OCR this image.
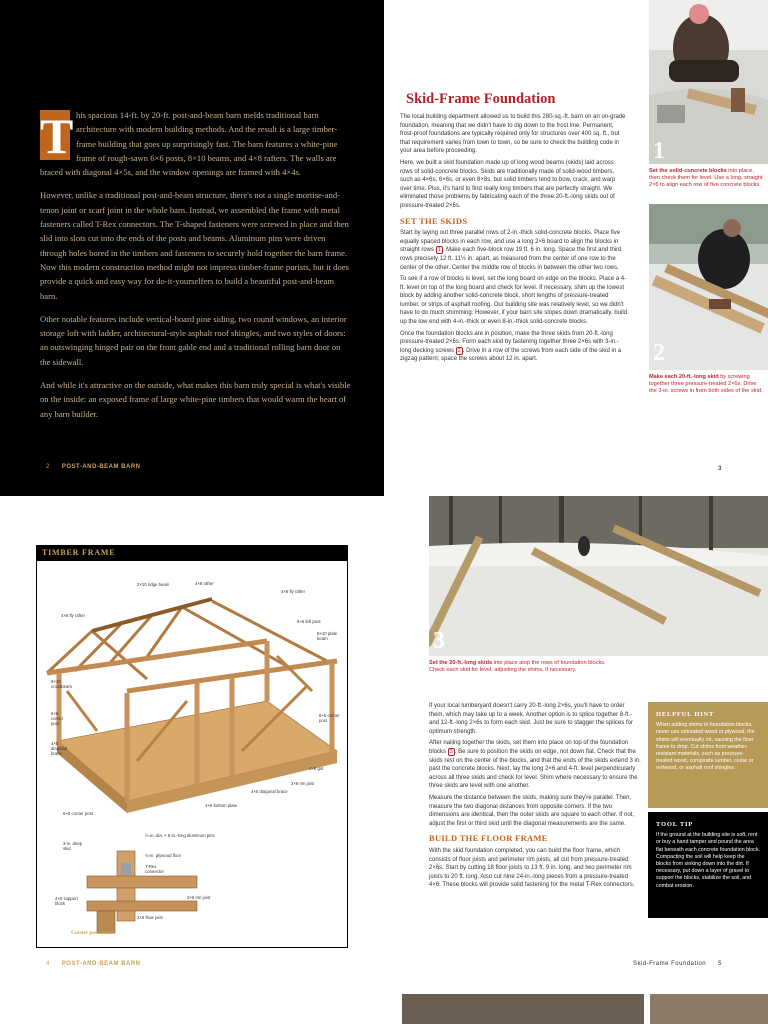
T his spacious 14-ft. by 20-ft. post-and-beam barn melds traditional barn architecture with modern building methods. And the result is a large timber-frame building that goes up surprisingly fast. The barn features a white-pine frame of rough-sawn 6×6 posts, 8×10 beams, and 4×8 rafters. The walls are braced with diagonal 4×5s, and the window openings are framed with 4×4s.

However, unlike a traditional post-and-beam structure, there's not a single mortise-and-tenon joint or scarf joint in the whole barn. Instead, we assembled the frame with metal fasteners called T-Rex connectors. The T-shaped fasteners were screwed in place and then slid into slots cut into the ends of the posts and beams. Aluminum pins were driven through holes bored in the timbers and fasteners to securely hold together the barn frame. Now this modern construction method might not impress timber-frame purists, but it does provide a quick and easy way for do-it-yourselfers to build a beautiful post-and-beam barn.

Other notable features include vertical-board pine siding, two round windows, an interior storage loft with ladder, architectural-style asphalt roof shingles, and two styles of doors: an outswinging hinged pair on the front gable end and a traditional rolling barn door on the sidewall.

And while it's attractive on the outside, what makes this barn truly special is what's visible on the inside: an exposed frame of large white-pine timbers that would warm the heart of any barn builder.

2 POST-AND-BEAM BARN
Skid-Frame Foundation

The local building department allowed us to build this 280-sq.-ft. barn on an on-grade foundation, meaning that we didn't have to dig down to the frost line. Permanent, frost-proof foundations are typically required only for structures over 400 sq. ft., but that requirement varies from town to town, so be sure to check the building code in your area before proceeding.

Here, we built a skid foundation made up of long wood beams (skids) laid across rows of solid-concrete blocks. Skids are traditionally made of solid-wood timbers, such as 4×6s, 6×6s, or even 8×8s, but solid timbers tend to bow, crack, and warp over time. Plus, it's hard to find really long timbers that are perfectly straight. We eliminated those problems by fabricating each of the three 20-ft.-long skids out of pressure-treated 2×6s.

SET THE SKIDS

Start by laying out three parallel rows of 2-in.-thick solid-concrete blocks. Place five equally spaced blocks in each row, and use a long 2×6 board to align the blocks in straight rows 1 . Make each five-block row 19 ft. 6 in. long. Space the first and third rows precisely 12 ft. 11½ in. apart, as measured from the center of one row to the center of the other. Center the middle row of blocks in between the other two rows.

To see if a row of blocks is level, set the long board on edge on the blocks. Place a 4-ft. level on top of the long board and check for level. If necessary, shim up the lowest block by adding another solid-concrete block, short lengths of pressure-treated lumber, or strips of asphalt roofing. Our building site was relatively level, so we didn't have to do much shimming. However, if your barn site slopes down dramatically, build up the low end with 4-in.-thick or even 8-in.-thick solid-concrete blocks.

Once the foundation blocks are in position, make the three skids from 20-ft.-long pressure-treated 2×6s. Form each skid by fastening together three 2×6s with 3-in.-long decking screws 2 . Drive in a row of the screws from each side of the skid in a zigzag pattern; space the screws about 12 in. apart.

1
Set the solid-concrete blocks into place, then check them for level. Use a long, straight 2×6 to align each row of five concrete blocks.
2
Make each 20-ft.-long skid by screwing together three pressure-treated 2×6s. Drive the 3-in. screws in from both sides of the skid.
3
TIMBER FRAME
2×10 ridge beam	4×8 rafter
4×8 fly rafter
4×8 fly rafter
6×6 left post
8×10 plate beam
8×10 crossbeam
6×6 corner post
4×5 diagonal brace
6×6 corner post
4×8 girt
2×6 rim joist
4×5 diagonal brace
4×6 bottom plate
6×6 corner post
3-in. deep skid
½-in.-dia. × 6-in.-long aluminum pins
¾-in. plywood floor
T-Rex connector
2×6 rim joist
4×6 support block
2×6 floor joist
Corner post detail
4 POST-AND-BEAM BARN
3
Set the 20-ft.-long skids into place atop the rows of foundation blocks. Check each skid for level, adjusting the shims, if necessary.

If your local lumberyard doesn't carry 20-ft.-long 2×6s, you'll have to order them, which may take up to a week. Another option is to splice together 8-ft.- and 12-ft.-long 2×6s to form each skid. Just be sure to stagger the splices for optimum strength.

After nailing together the skids, set them into place on top of the foundation blocks 3 . Be sure to position the skids on edge, not down flat. Check that the skids rest on the center of the blocks, and that the ends of the skids extend 3 in. past the concrete blocks. Next, lay the long 2×6 and 4-ft. level perpendicularly across all three skids and check for level. Shim where necessary to ensure the three skids are level with one another.

Measure the distance between the skids, making sure they're parallel. Then, measure the two diagonal distances from opposite corners. If the two dimensions are identical, then the outer skids are square to each other. If not, adjust the first or third skid until the diagonal measurements are the same.

BUILD THE FLOOR FRAME

With the skid foundation completed, you can build the floor frame, which consists of floor joists and perimeter rim joists, all cut from pressure-treated 2×6s. Start by cutting 18 floor joists to 13 ft. 9 in. long, and two perimeter rim joists to 20 ft. long. Also cut nine 24-in.-long pieces from a pressure-treated 4×6. These blocks will provide solid fastening for the metal T-Rex connectors.

HELPFUL HINT
When adding shims to foundation blocks, never use untreated wood or plywood; the shims will eventually rot, causing the floor frame to drop. Cut shims from weather-resistant materials, such as pressure-treated wood, composite lumber, cedar or redwood, or asphalt roof shingles.
TOOL TIP
If the ground at the building site is soft, rent or buy a hand tamper and pound the area flat beneath each concrete foundation block. Compacting the soil will help keep the blocks from sinking down into the dirt. If necessary, put down a layer of gravel to support the blocks, stabilize the soil, and combat erosion.
Skid-Frame Foundation 5
